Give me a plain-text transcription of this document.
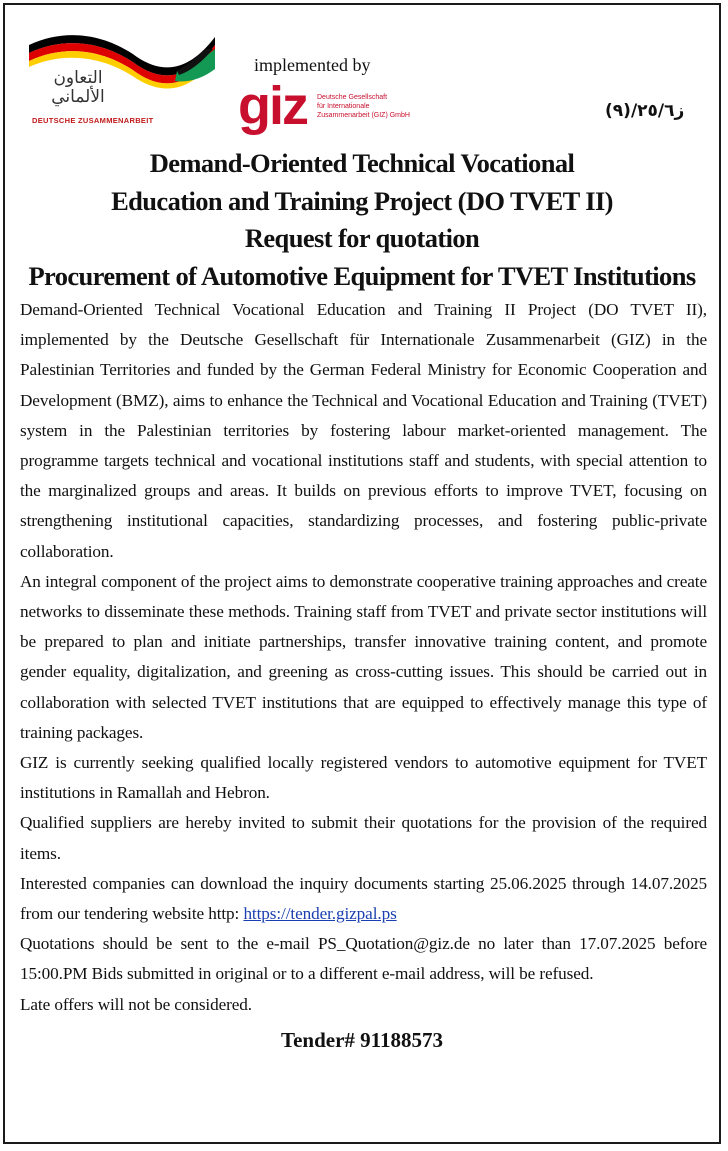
التعاون الألماني
DEUTSCHE ZUSAMMENARBEIT
implemented by
giz Deutsche Gesellschaft
für Internationale
Zusammenarbeit (GIZ) GmbH	ز٢٥/٦/(٩)
Demand-Oriented Technical Vocational
Education and Training Project (DO TVET II)
Request for quotation
Procurement of Automotive Equipment for TVET Institutions

Demand-Oriented Technical Vocational Education and Training II Project (DO TVET II), implemented by the Deutsche Gesellschaft für Internationale Zusammenarbeit (GIZ) in the Palestinian Territories and funded by the German Federal Ministry for Economic Cooperation and Development (BMZ), aims to enhance the Technical and Vocational Education and Training (TVET) system in the Palestinian territories by fostering labour market-oriented management. The programme targets technical and vocational institutions staff and students, with special attention to the marginalized groups and areas. It builds on previous efforts to improve TVET, focusing on strengthening institutional capacities, standardizing processes, and fostering public-private collaboration.

An integral component of the project aims to demonstrate cooperative training approaches and create networks to disseminate these methods. Training staff from TVET and private sector institutions will be prepared to plan and initiate partnerships, transfer innovative training content, and promote gender equality, digitalization, and greening as cross-cutting issues. This should be carried out in collaboration with selected TVET institutions that are equipped to effectively manage this type of training packages.

GIZ is currently seeking qualified locally registered vendors to automotive equipment for TVET institutions in Ramallah and Hebron.

Qualified suppliers are hereby invited to submit their quotations for the provision of the required items.

Interested companies can download the inquiry documents starting 25.06.2025 through 14.07.2025 from our tendering website http: https://tender.gizpal.ps

Quotations should be sent to the e-mail PS_Quotation@giz.de no later than 17.07.2025 before 15:00.PM Bids submitted in original or to a different e-mail address, will be refused.

Late offers will not be considered.

Tender# 91188573
